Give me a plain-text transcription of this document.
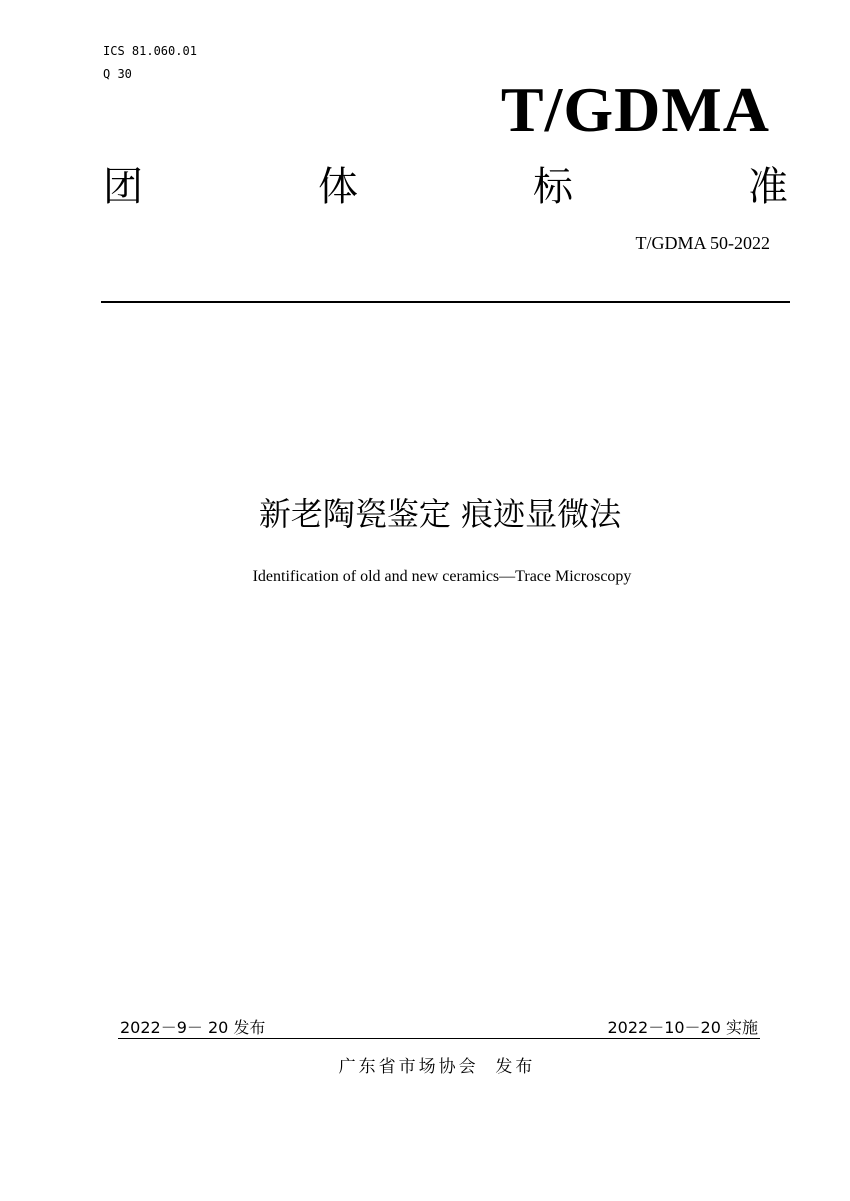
ICS 81.060.01
Q 30	T/GDMA
团	体	标	准
T/GDMA 50-2022
新老陶瓷鉴定 痕迹显微法
Identification of old and new ceramics—Trace Microscopy
2022－9－ 20 发布	2022－10－20 实施
广东省市场协会  发布
